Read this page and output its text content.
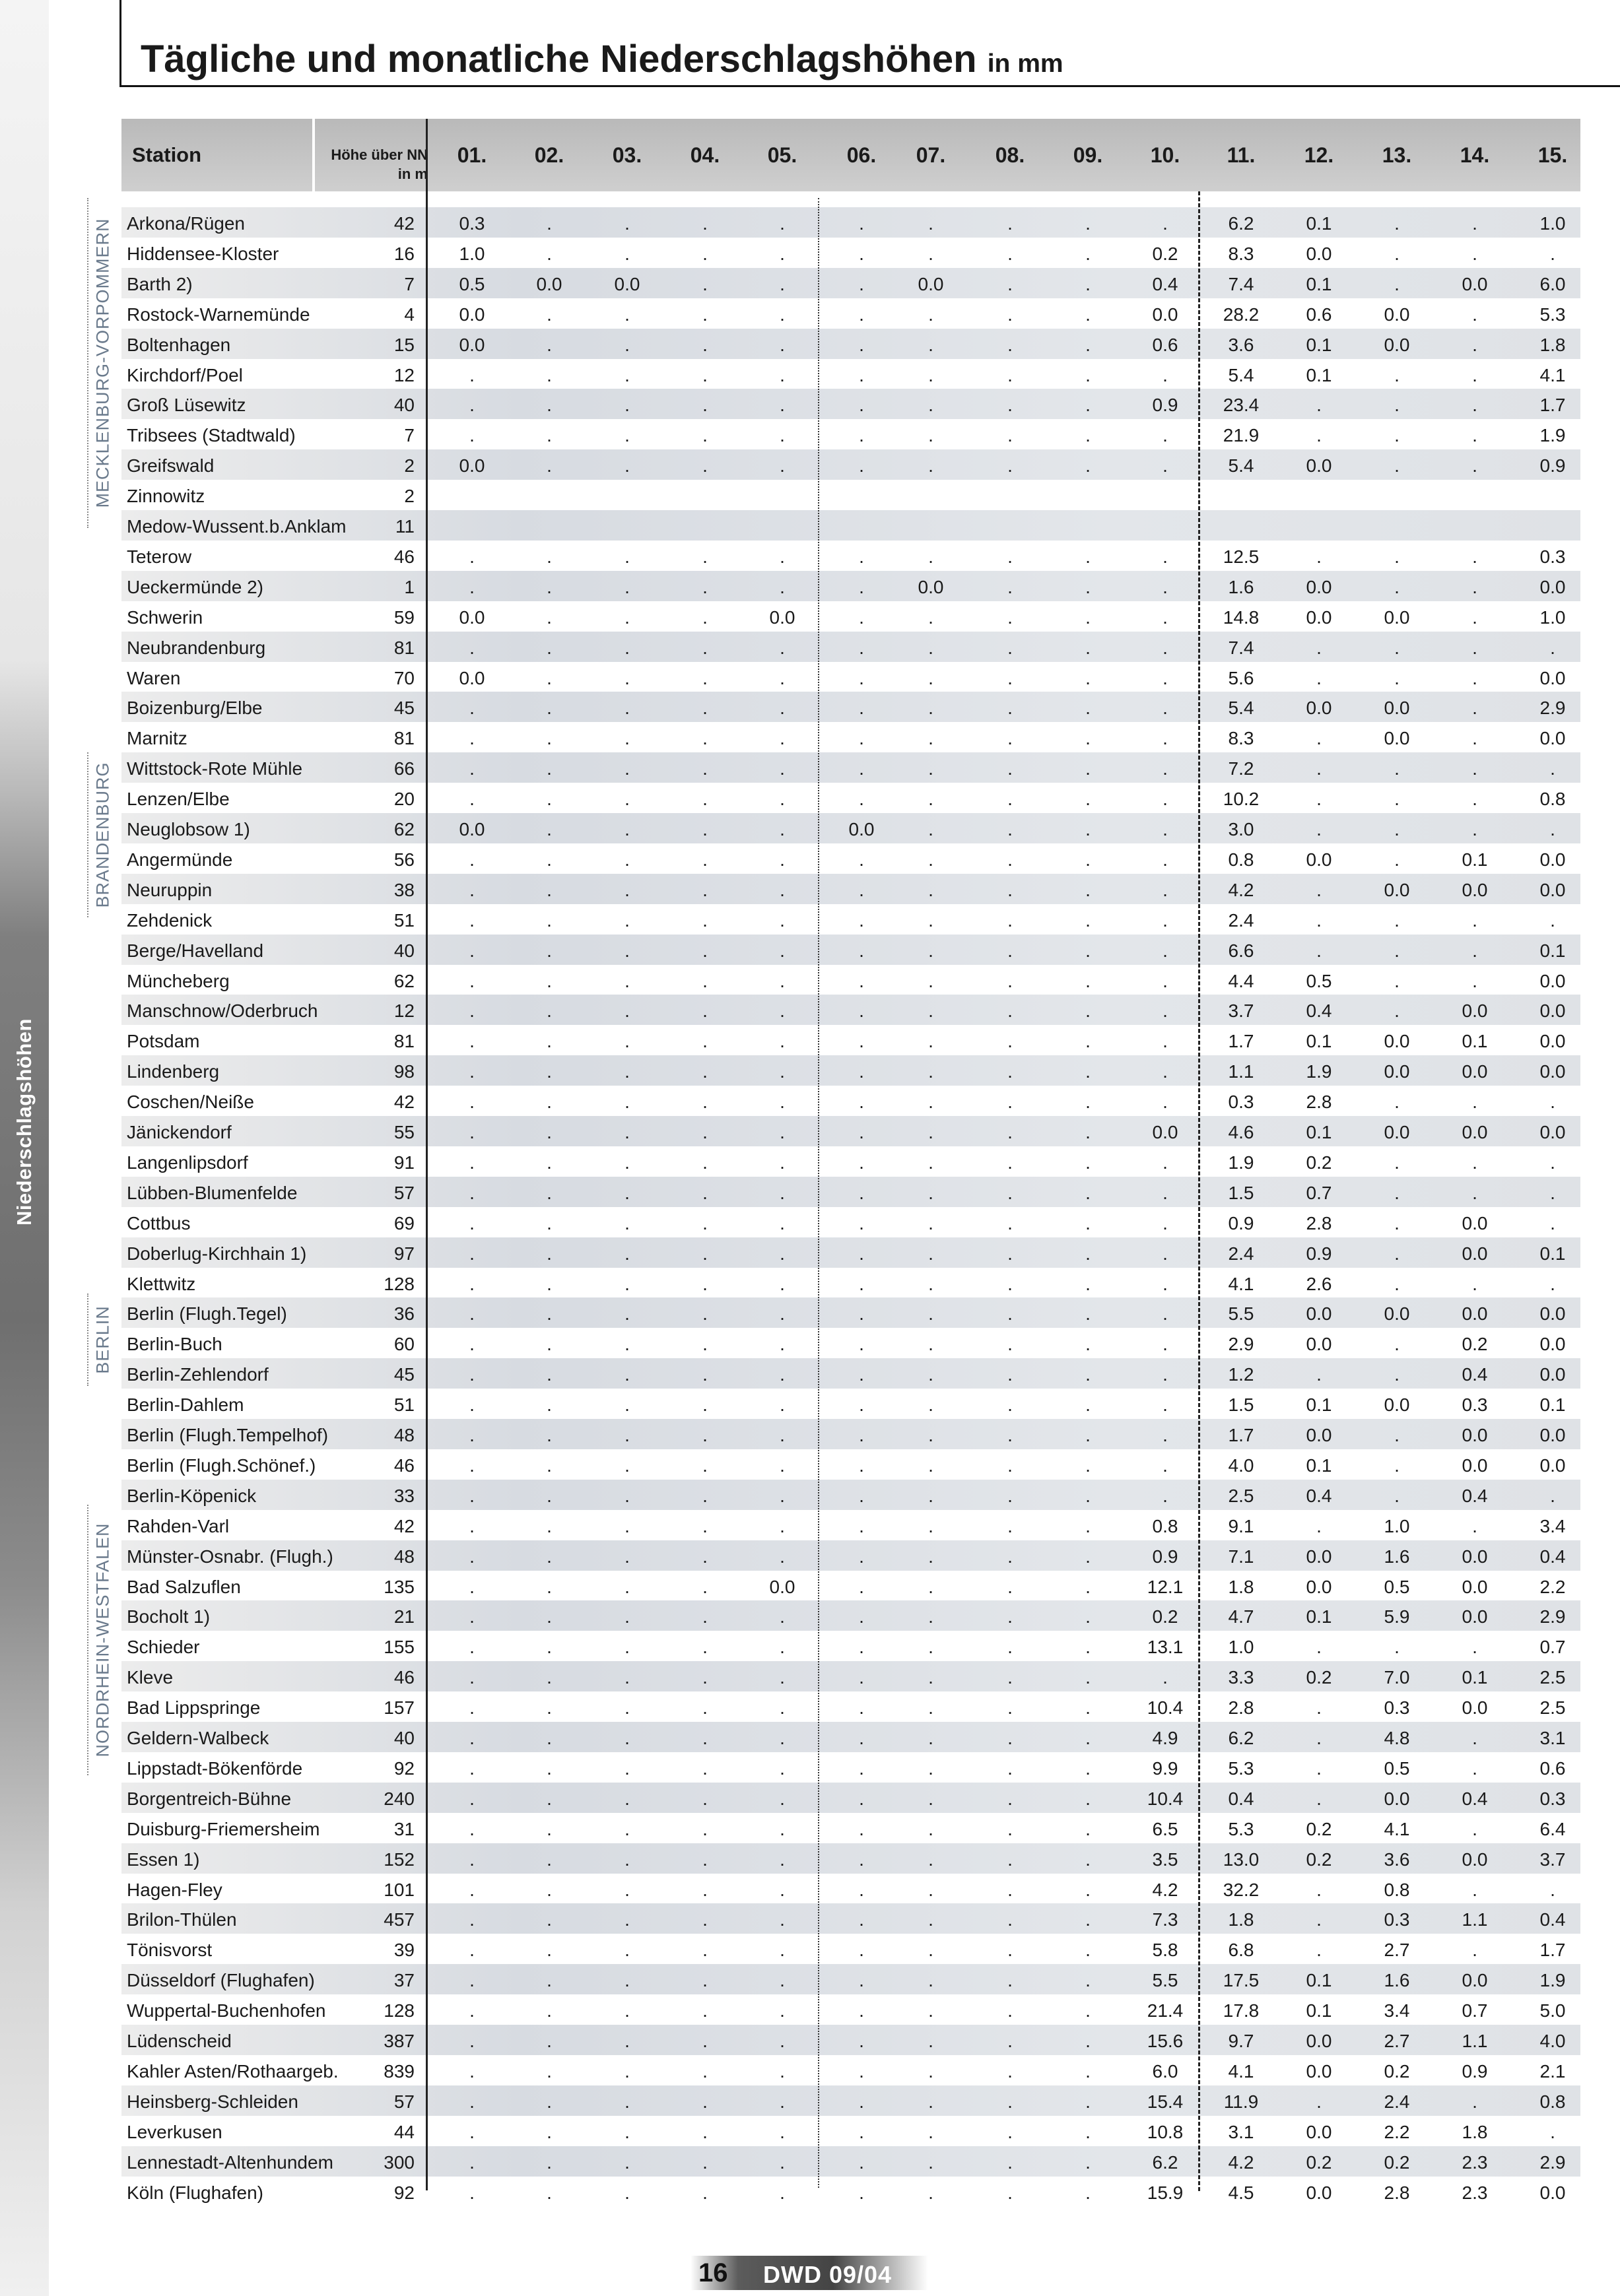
Niederschlagshöhen
Tägliche und monatliche Niederschlagshöhen in mm
Station	Höhe über NN
in m
01.	02.	03.	04.	05.	06.	07.	08.	09.	10.	11.	12.	13.	14.	15.
Arkona/Rügen	42	0.3	.	.	.	.	.	.	.	.	.	6.2	0.1	.	.	1.0
Hiddensee-Kloster	16	1.0	.	.	.	.	.	.	.	.	0.2	8.3	0.0	.	.	.
Barth 2)	7	0.5	0.0	0.0	.	.	.	0.0	.	.	0.4	7.4	0.1	.	0.0	6.0
Rostock-Warnemünde	4	0.0	.	.	.	.	.	.	.	.	0.0	28.2	0.6	0.0	.	5.3
Boltenhagen	15	0.0	.	.	.	.	.	.	.	.	0.6	3.6	0.1	0.0	.	1.8
Kirchdorf/Poel	12	.	.	.	.	.	.	.	.	.	.	5.4	0.1	.	.	4.1
Groß Lüsewitz	40	.	.	.	.	.	.	.	.	.	0.9	23.4	.	.	.	1.7
Tribsees (Stadtwald)	7	.	.	.	.	.	.	.	.	.	.	21.9	.	.	.	1.9
Greifswald	2	0.0	.	.	.	.	.	.	.	.	.	5.4	0.0	.	.	0.9
Zinnowitz	2
Medow-Wussent.b.Anklam	11
Teterow	46	.	.	.	.	.	.	.	.	.	.	12.5	.	.	.	0.3
Ueckermünde 2)	1	.	.	.	.	.	.	0.0	.	.	.	1.6	0.0	.	.	0.0
Schwerin	59	0.0	.	.	.	0.0	.	.	.	.	.	14.8	0.0	0.0	.	1.0
Neubrandenburg	81	.	.	.	.	.	.	.	.	.	.	7.4	.	.	.	.
Waren	70	0.0	.	.	.	.	.	.	.	.	.	5.6	.	.	.	0.0
Boizenburg/Elbe	45	.	.	.	.	.	.	.	.	.	.	5.4	0.0	0.0	.	2.9
Marnitz	81	.	.	.	.	.	.	.	.	.	.	8.3	.	0.0	.	0.0
Wittstock-Rote Mühle	66	.	.	.	.	.	.	.	.	.	.	7.2	.	.	.	.
Lenzen/Elbe	20	.	.	.	.	.	.	.	.	.	.	10.2	.	.	.	0.8
Neuglobsow 1)	62	0.0	.	.	.	.	0.0	.	.	.	.	3.0	.	.	.	.
Angermünde	56	.	.	.	.	.	.	.	.	.	.	0.8	0.0	.	0.1	0.0
Neuruppin	38	.	.	.	.	.	.	.	.	.	.	4.2	.	0.0	0.0	0.0
Zehdenick	51	.	.	.	.	.	.	.	.	.	.	2.4	.	.	.	.
Berge/Havelland	40	.	.	.	.	.	.	.	.	.	.	6.6	.	.	.	0.1
Müncheberg	62	.	.	.	.	.	.	.	.	.	.	4.4	0.5	.	.	0.0
Manschnow/Oderbruch	12	.	.	.	.	.	.	.	.	.	.	3.7	0.4	.	0.0	0.0
Potsdam	81	.	.	.	.	.	.	.	.	.	.	1.7	0.1	0.0	0.1	0.0
Lindenberg	98	.	.	.	.	.	.	.	.	.	.	1.1	1.9	0.0	0.0	0.0
Coschen/Neiße	42	.	.	.	.	.	.	.	.	.	.	0.3	2.8	.	.	.
Jänickendorf	55	.	.	.	.	.	.	.	.	.	0.0	4.6	0.1	0.0	0.0	0.0
Langenlipsdorf	91	.	.	.	.	.	.	.	.	.	.	1.9	0.2	.	.	.
Lübben-Blumenfelde	57	.	.	.	.	.	.	.	.	.	.	1.5	0.7	.	.	.
Cottbus	69	.	.	.	.	.	.	.	.	.	.	0.9	2.8	.	0.0	.
Doberlug-Kirchhain 1)	97	.	.	.	.	.	.	.	.	.	.	2.4	0.9	.	0.0	0.1
Klettwitz	128	.	.	.	.	.	.	.	.	.	.	4.1	2.6	.	.	.
Berlin (Flugh.Tegel)	36	.	.	.	.	.	.	.	.	.	.	5.5	0.0	0.0	0.0	0.0
Berlin-Buch	60	.	.	.	.	.	.	.	.	.	.	2.9	0.0	.	0.2	0.0
Berlin-Zehlendorf	45	.	.	.	.	.	.	.	.	.	.	1.2	.	.	0.4	0.0
Berlin-Dahlem	51	.	.	.	.	.	.	.	.	.	.	1.5	0.1	0.0	0.3	0.1
Berlin (Flugh.Tempelhof)	48	.	.	.	.	.	.	.	.	.	.	1.7	0.0	.	0.0	0.0
Berlin (Flugh.Schönef.)	46	.	.	.	.	.	.	.	.	.	.	4.0	0.1	.	0.0	0.0
Berlin-Köpenick	33	.	.	.	.	.	.	.	.	.	.	2.5	0.4	.	0.4	.
Rahden-Varl	42	.	.	.	.	.	.	.	.	.	0.8	9.1	.	1.0	.	3.4
Münster-Osnabr. (Flugh.)	48	.	.	.	.	.	.	.	.	.	0.9	7.1	0.0	1.6	0.0	0.4
Bad Salzuflen	135	.	.	.	.	0.0	.	.	.	.	12.1	1.8	0.0	0.5	0.0	2.2
Bocholt 1)	21	.	.	.	.	.	.	.	.	.	0.2	4.7	0.1	5.9	0.0	2.9
Schieder	155	.	.	.	.	.	.	.	.	.	13.1	1.0	.	.	.	0.7
Kleve	46	.	.	.	.	.	.	.	.	.	.	3.3	0.2	7.0	0.1	2.5
Bad Lippspringe	157	.	.	.	.	.	.	.	.	.	10.4	2.8	.	0.3	0.0	2.5
Geldern-Walbeck	40	.	.	.	.	.	.	.	.	.	4.9	6.2	.	4.8	.	3.1
Lippstadt-Bökenförde	92	.	.	.	.	.	.	.	.	.	9.9	5.3	.	0.5	.	0.6
Borgentreich-Bühne	240	.	.	.	.	.	.	.	.	.	10.4	0.4	.	0.0	0.4	0.3
Duisburg-Friemersheim	31	.	.	.	.	.	.	.	.	.	6.5	5.3	0.2	4.1	.	6.4
Essen 1)	152	.	.	.	.	.	.	.	.	.	3.5	13.0	0.2	3.6	0.0	3.7
Hagen-Fley	101	.	.	.	.	.	.	.	.	.	4.2	32.2	.	0.8	.	.
Brilon-Thülen	457	.	.	.	.	.	.	.	.	.	7.3	1.8	.	0.3	1.1	0.4
Tönisvorst	39	.	.	.	.	.	.	.	.	.	5.8	6.8	.	2.7	.	1.7
Düsseldorf (Flughafen)	37	.	.	.	.	.	.	.	.	.	5.5	17.5	0.1	1.6	0.0	1.9
Wuppertal-Buchenhofen	128	.	.	.	.	.	.	.	.	.	21.4	17.8	0.1	3.4	0.7	5.0
Lüdenscheid	387	.	.	.	.	.	.	.	.	.	15.6	9.7	0.0	2.7	1.1	4.0
Kahler Asten/Rothaargeb.	839	.	.	.	.	.	.	.	.	.	6.0	4.1	0.0	0.2	0.9	2.1
Heinsberg-Schleiden	57	.	.	.	.	.	.	.	.	.	15.4	11.9	.	2.4	.	0.8
Leverkusen	44	.	.	.	.	.	.	.	.	.	10.8	3.1	0.0	2.2	1.8	.
Lennestadt-Altenhundem	300	.	.	.	.	.	.	.	.	.	6.2	4.2	0.2	0.2	2.3	2.9
Köln (Flughafen)	92	.	.	.	.	.	.	.	.	.	15.9	4.5	0.0	2.8	2.3	0.0
MECKLENBURG-VORPOMMERN
BRANDENBURG
BERLIN
NORDRHEIN-WESTFALEN
16 DWD 09/04
